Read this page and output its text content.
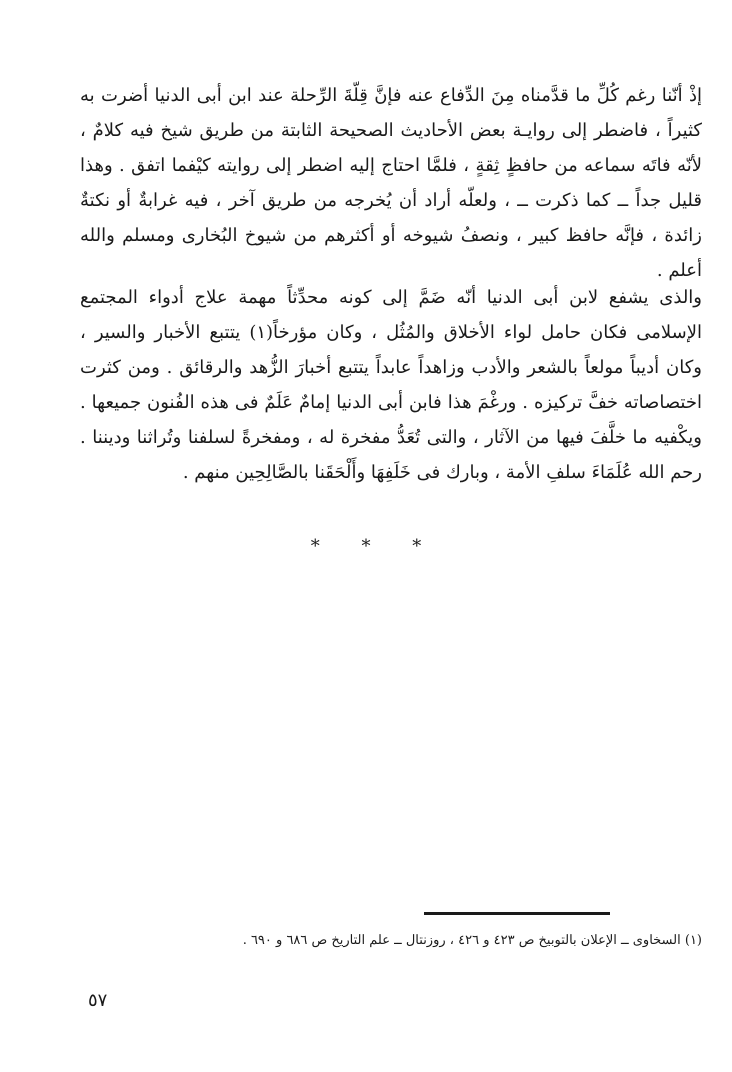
إذْ أنّنا رغم كُلِّ ما قدَّمناه مِنَ الدِّفاع عنه فإنَّ قِلّةَ الرِّحلة عند ابن أبى الدنيا أضرت به كثيراً ، فاضطر إلى روايـة بعض الأحاديث الصحيحة الثابتة من طريق شيخ فيه كلامٌ ، لأنّه فاتَه سماعه من حافظٍ ثِقةٍ ، فلمَّا احتاج إليه اضطر إلى روايته كيْفما اتفق . وهذا قليل جداً ــ كما ذكرت ــ ، ولعلّه أراد أن يُخرجه من طريق آخر ، فيه غرابةٌ أو نكتةٌ زائدة ، فإنَّه حافظ كبير ، ونصفُ شيوخه أو أكثرهم من شيوخ البُخارى ومسلم والله أعلم .

والذى يشفع لابن أبى الدنيا أنّه ضَمَّ إلى كونه محدِّثاً مهمة علاج أدواء المجتمع الإسلامى فكان حامل لواء الأخلاق والمُثُل ، وكان مؤرخاً(١) يتتبع الأخبار والسير ، وكان أديباً مولعاً بالشعر والأدب وزاهداً عابداً يتتبع أخبارَ الزُّهد والرقائق . ومن كثرت اختصاصاته خفَّ تركيزه . ورغْمَ هذا فابن أبى الدنيا إمامٌ عَلَمٌ فى هذه الفُنون جميعها . ويكْفيه ما خلَّفَ فيها من الآثار ، والتى تُعَدُّ مفخرة له ، ومفخرةً لسلفنا وتُراثنا وديننا . رحم الله عُلَمَاءَ سلفِ الأمة ، وبارك فى خَلَفِهَا وأَلْحَقَنا بالصَّالِحِين منهم .

* * *

(١) السخاوى ــ الإعلان بالتوبيخ ص ٤٢٣ و ٤٢٦ ، روزنتال ــ علم التاريخ ص ٦٨٦ و ٦٩٠ .

٥٧
